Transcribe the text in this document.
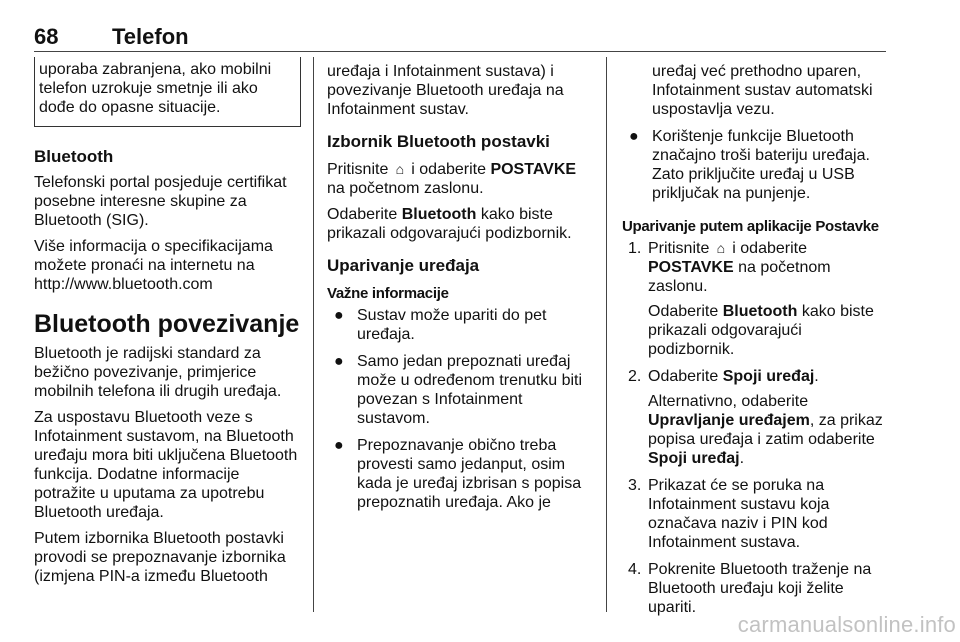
68 Telefon

uporaba zabranjena, ako mobilni

telefon uzrokuje smetnje ili ako

dođe do opasne situacije.

Bluetooth

Telefonski portal posjeduje certifikat posebne interesne skupine za Bluetooth (SIG).

Više informacija o specifikacijama možete pronaći na internetu na http://www.bluetooth.com

Bluetooth povezivanje

Bluetooth je radijski standard za bežično povezivanje, primjerice mobilnih telefona ili drugih uređaja.

Za uspostavu Bluetooth veze s Infotainment sustavom, na Bluetooth uređaju mora biti uključena Bluetooth funkcija. Dodatne informacije potražite u uputama za upotrebu Bluetooth uređaja.

Putem izbornika Bluetooth postavki provodi se prepoznavanje izbornika (izmjena PIN-a između Bluetooth

uređaja i Infotainment sustava) i povezivanje Bluetooth uređaja na Infotainment sustav.

Izbornik Bluetooth postavki

Pritisnite ⌂ i odaberite POSTAVKE na početnom zaslonu.

Odaberite Bluetooth kako biste prikazali odgovarajući podizbornik.

Uparivanje uređaja
Važne informacije
● Sustav može upariti do pet uređaja.
● Samo jedan prepoznati uređaj može u određenom trenutku biti povezan s Infotainment sustavom.
● Prepoznavanje obično treba provesti samo jedanput, osim kada je uređaj izbrisan s popisa prepoznatih uređaja. Ako je

uređaj već prethodno uparen, Infotainment sustav automatski uspostavlja vezu.

● Korištenje funkcije Bluetooth značajno troši bateriju uređaja. Zato priključite uređaj u USB priključak na punjenje.
Uparivanje putem aplikacije Postavke
1. Pritisnite ⌂ i odaberite
POSTAVKE na početnom zaslonu.

Odaberite Bluetooth kako biste prikazali odgovarajući podizbornik.

2. Odaberite Spoji uređaj.

Alternativno, odaberite
Upravljanje uređajem, za prikaz popisa uređaja i zatim odaberite Spoji uređaj.

3. Prikazat će se poruka na Infotainment sustavu koja označava naziv i PIN kod Infotainment sustava.

4. Pokrenite Bluetooth traženje na Bluetooth uređaju koji želite upariti.

carmanualsonline.info
